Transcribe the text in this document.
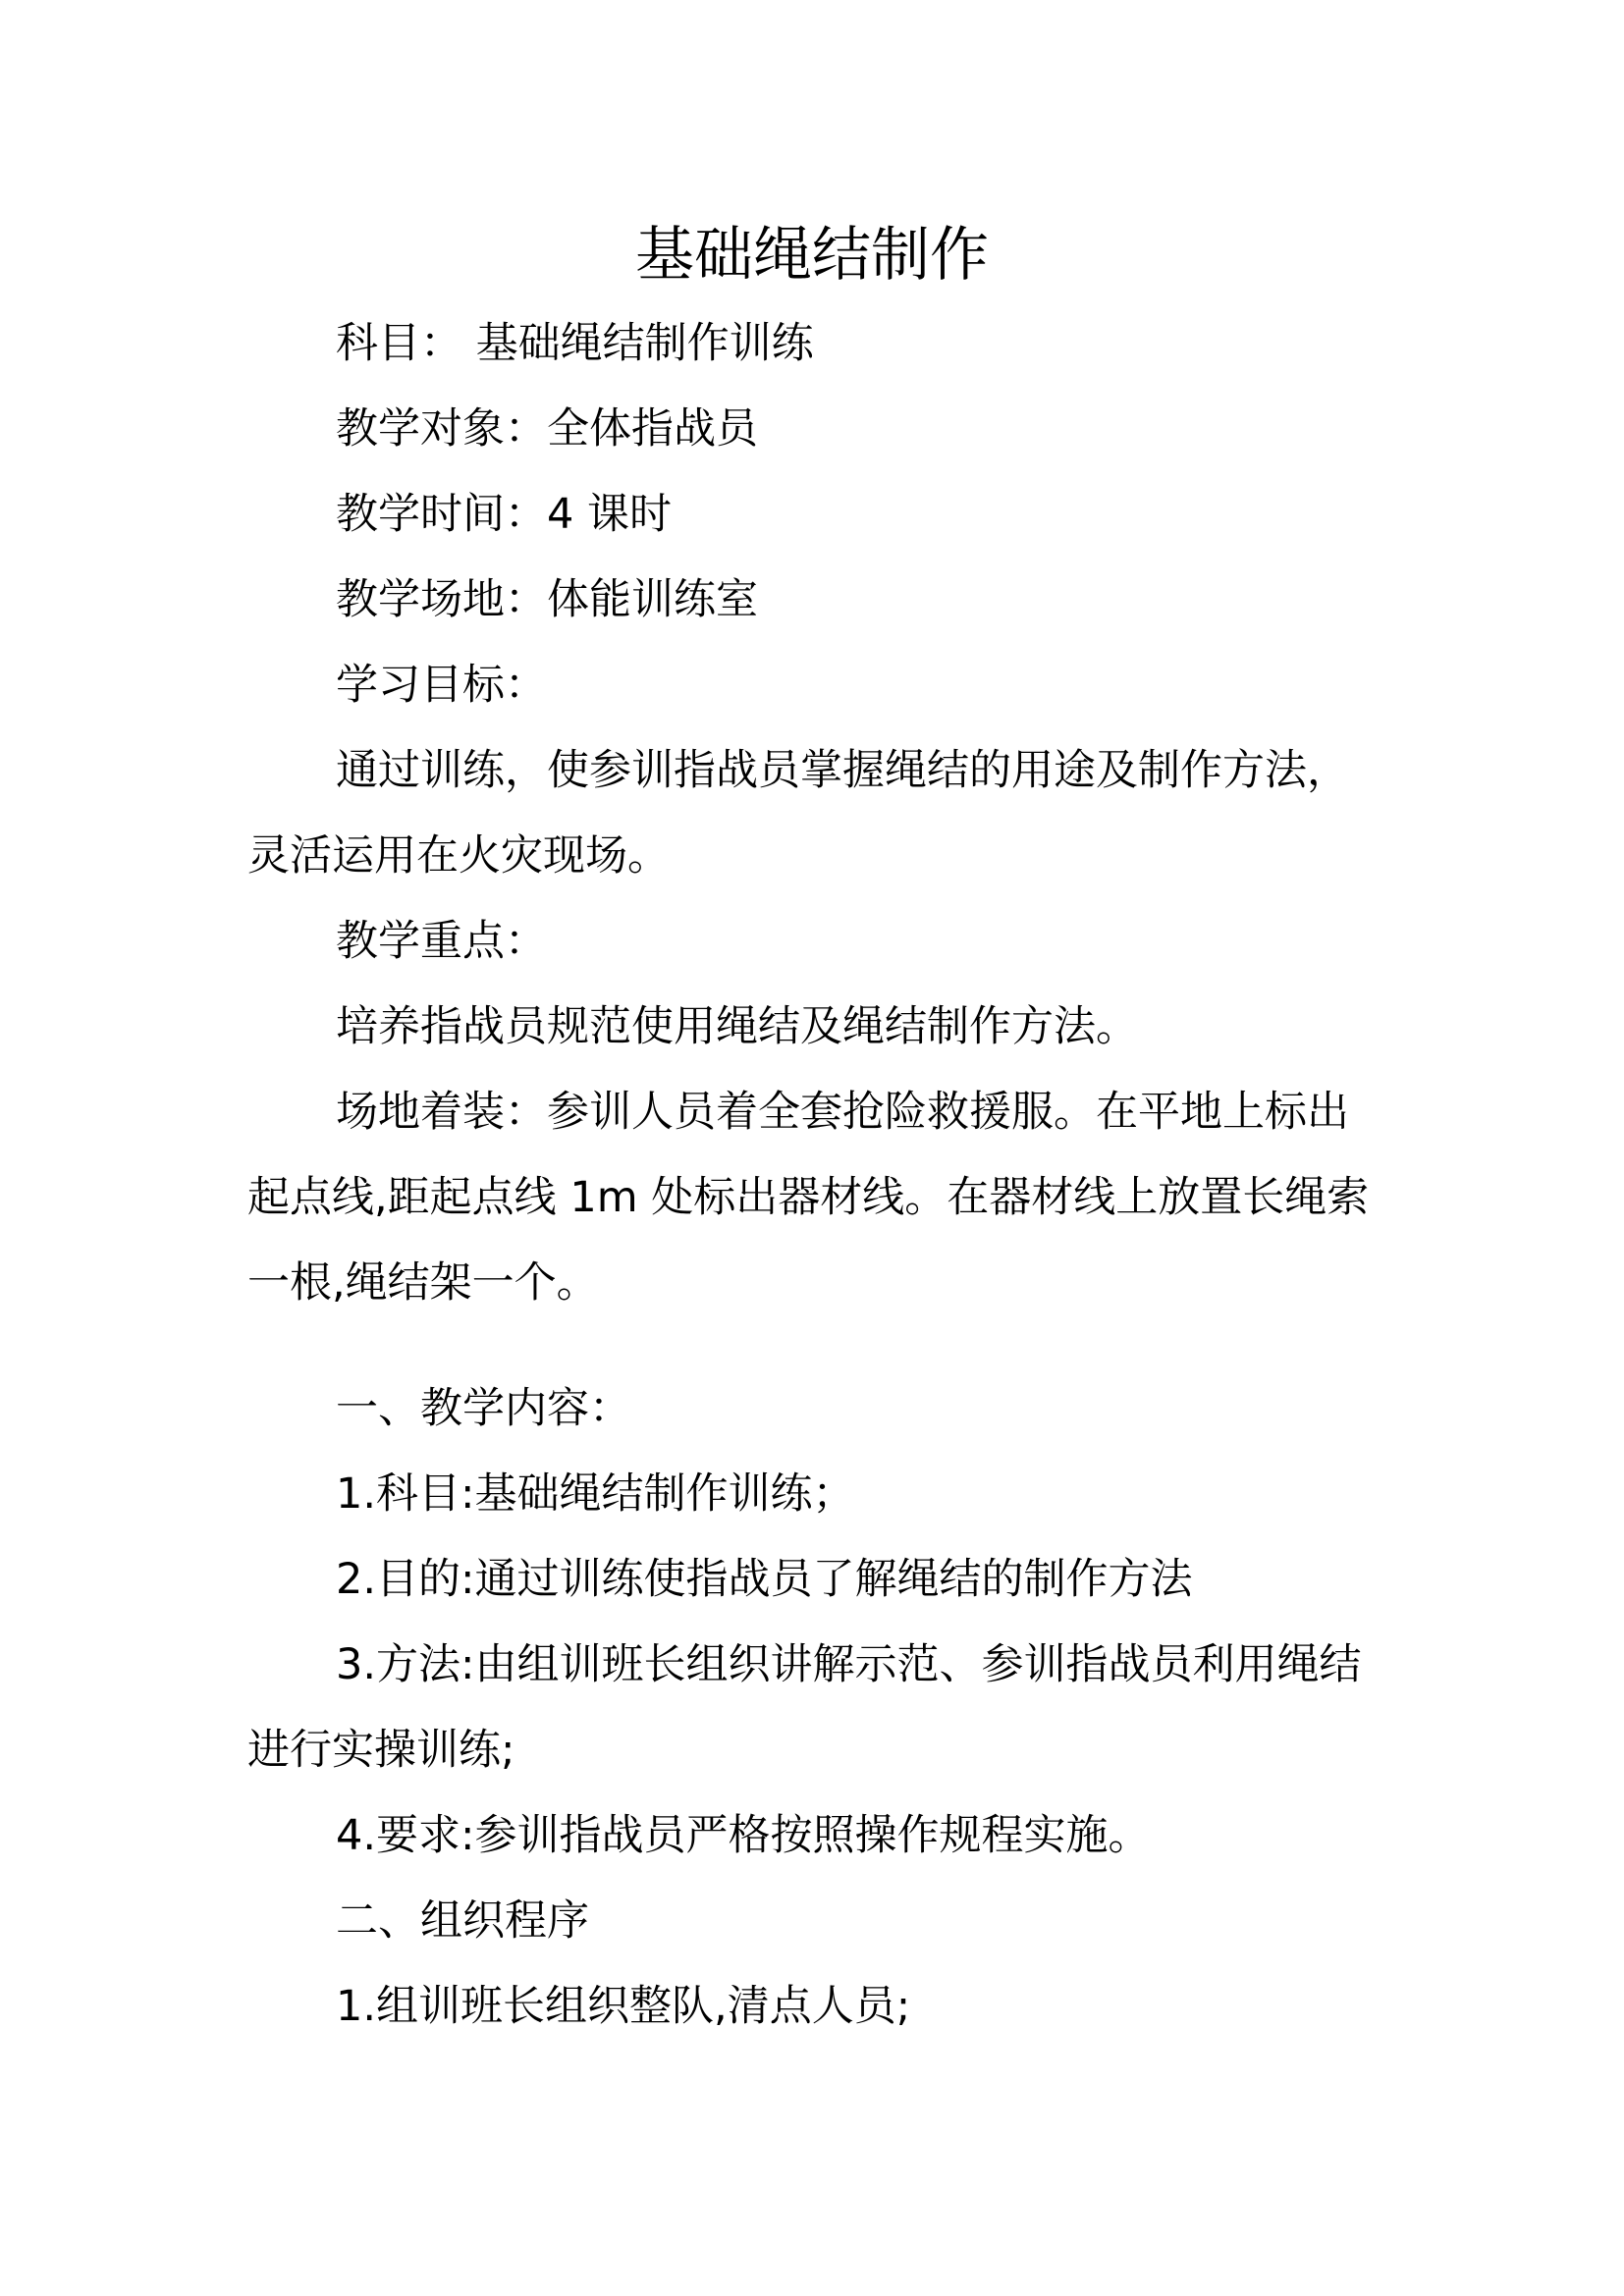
基础绳结制作
科目： 基础绳结制作训练
教学对象：全体指战员
教学时间：4 课时
教学场地：体能训练室
学习目标：
通过训练，使参训指战员掌握绳结的用途及制作方法，
灵活运用在火灾现场。
教学重点：
培养指战员规范使用绳结及绳结制作方法。
场地着装：参训人员着全套抢险救援服。在平地上标出
起点线,距起点线 1m 处标出器材线。在器材线上放置长绳索
一根,绳结架一个。
一、教学内容：
1.科目:基础绳结制作训练；
2.目的:通过训练使指战员了解绳结的制作方法
3.方法:由组训班长组织讲解示范、参训指战员利用绳结
进行实操训练;
4.要求:参训指战员严格按照操作规程实施。
二、组织程序
1.组训班长组织整队,清点人员;
